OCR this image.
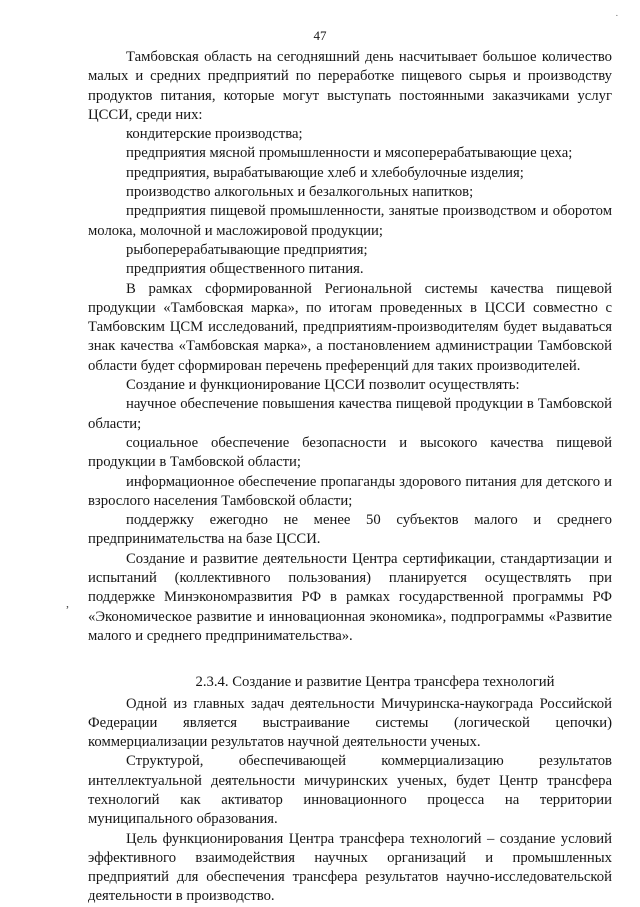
.
47
,

Тамбовская область на сегодняшний день насчитывает большое количество малых и средних предприятий по переработке пищевого сырья и производству продуктов питания, которые могут выступать постоянными заказчиками услуг ЦССИ, среди них:

кондитерские производства;

предприятия мясной промышленности и мясоперерабатывающие цеха;

предприятия, вырабатывающие хлеб и хлебобулочные изделия;

производство алкогольных и безалкогольных напитков;

предприятия пищевой промышленности, занятые производством и оборотом молока, молочной и масложировой продукции;

рыбоперерабатывающие предприятия;

предприятия общественного питания.

В рамках сформированной Региональной системы качества пищевой продукции «Тамбовская марка», по итогам проведенных в ЦССИ совместно с Тамбовским ЦСМ исследований, предприятиям-производителям будет выдаваться знак качества «Тамбовская марка», а постановлением администрации Тамбовской области будет сформирован перечень преференций для таких производителей.

Создание и функционирование ЦССИ позволит осуществлять:

научное обеспечение повышения качества пищевой продукции в Тамбовской области;

социальное обеспечение безопасности и высокого качества пищевой продукции в Тамбовской области;

информационное обеспечение пропаганды здорового питания для детского и взрослого населения Тамбовской области;

поддержку ежегодно не менее 50 субъектов малого и среднего предпринимательства на базе ЦССИ.

Создание и развитие деятельности Центра сертификации, стандартизации и испытаний (коллективного пользования) планируется осуществлять при поддержке Минэкономразвития РФ в рамках государственной программы РФ «Экономическое развитие и инновационная экономика», подпрограммы «Развитие малого и среднего предпринимательства».

2.3.4. Создание и развитие Центра трансфера технологий

Одной из главных задач деятельности Мичуринска-наукограда Российской Федерации является выстраивание системы (логической цепочки) коммерциализации результатов научной деятельности ученых.

Структурой, обеспечивающей коммерциализацию результатов интеллектуальной деятельности мичуринских ученых, будет Центр трансфера технологий как активатор инновационного процесса на территории муниципального образования.

Цель функционирования Центра трансфера технологий – создание условий эффективного взаимодействия научных организаций и промышленных предприятий для обеспечения трансфера результатов научно-исследовательской деятельности в производство.
